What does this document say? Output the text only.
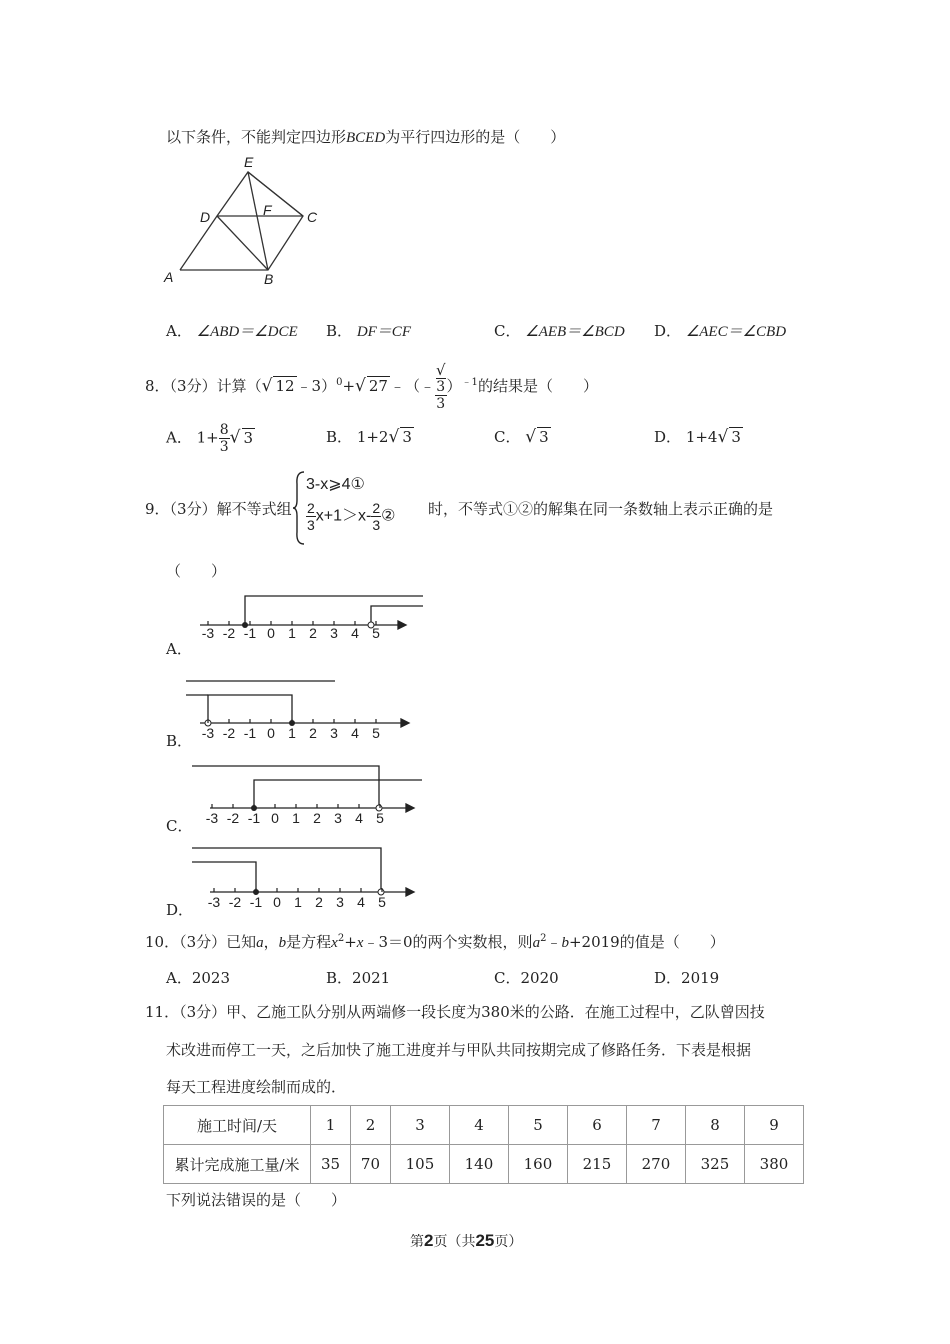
以下条件，不能判定四边形BCED为平行四边形的是（　　）
E
D	F	C
A	B
A． ∠ABD＝∠DCE B． DF＝CF	C． ∠AEB＝∠BCD D． ∠AEC＝∠CBD
8．（3分）计算（√ 12 ﹣3）$^0$+√ 27 ﹣（﹣ √
3
3 ）$^{﹣1}$的结果是（　　）
A． $1+ \frac{8}{3}$ √ 3	B． 1+2√ 3	C． √ 3	D． 1+4√ 3
9．（3分）解不等式组
3-x⩾4①
$\frac{2}{3} x+1>x- \frac{2}{3}$ ② 时，不等式①②的解集在同一条数轴上表示正确的是
（　　）
A．
B．
C．
D．
-3 -2 -1 0 1 2 3 4 5
-3 -2 -1 0 1 2 3 4 5
-3 -2 -1 0 1 2 3 4 5
-3 -2 -1 0 1 2 3 4 5
10．（3分）已知a，b是方程$x^2+x﹣3=0$的两个实数根，则$a^2﹣b+2019$的值是（　　）
A．2023	B．2021	C．2020	D．2019
11．（3分）甲、乙施工队分别从两端修一段长度为380米的公路．在施工过程中，乙队曾因技
术改进而停工一天，之后加快了施工进度并与甲队共同按期完成了修路任务．下表是根据
每天工程进度绘制而成的．
施工时间/天	1	2	3	4	5	6	7	8	9
累计完成施工量/米	35	70	105	140	160	215	270	325	380
下列说法错误的是（　　）
第2页（共25页）
